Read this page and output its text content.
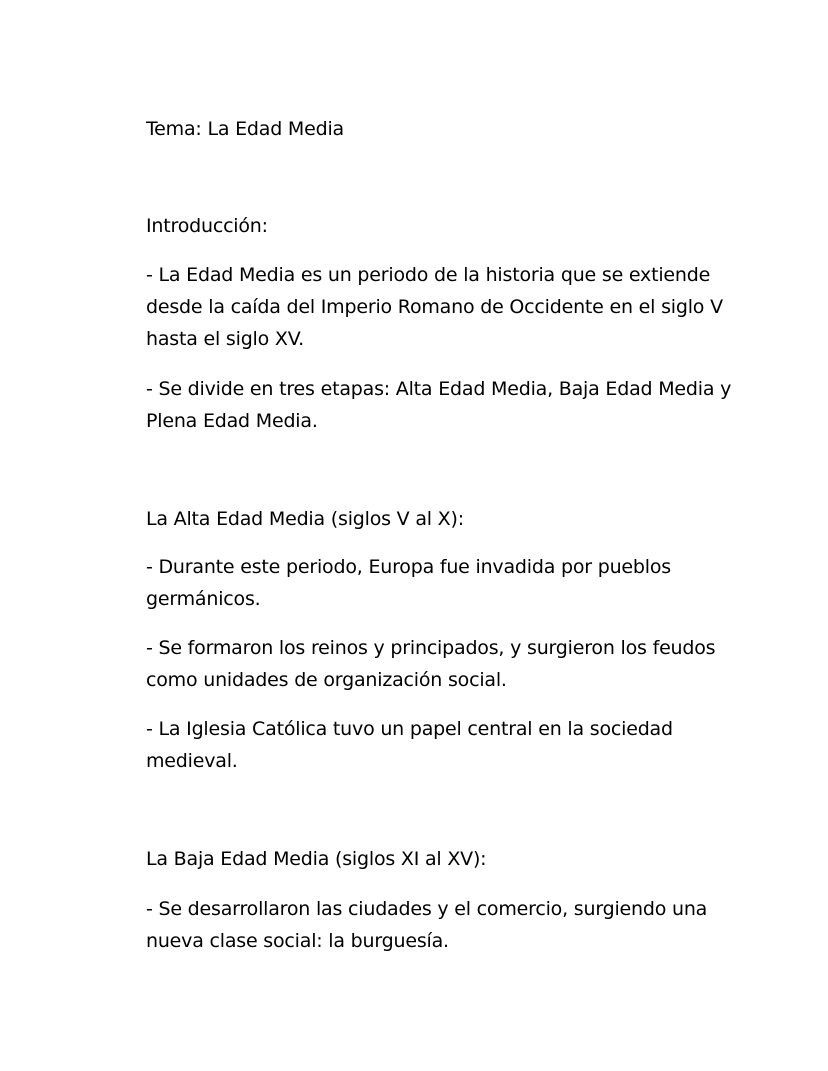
Tema: La Edad Media
Introducción:
- La Edad Media es un periodo de la historia que se extiende desde la caída del Imperio Romano de Occidente en el siglo V hasta el siglo XV.
- Se divide en tres etapas: Alta Edad Media, Baja Edad Media y Plena Edad Media.
La Alta Edad Media (siglos V al X):
- Durante este periodo, Europa fue invadida por pueblos germánicos.
- Se formaron los reinos y principados, y surgieron los feudos como unidades de organización social.
- La Iglesia Católica tuvo un papel central en la sociedad medieval.
La Baja Edad Media (siglos XI al XV):
- Se desarrollaron las ciudades y el comercio, surgiendo una nueva clase social: la burguesía.
